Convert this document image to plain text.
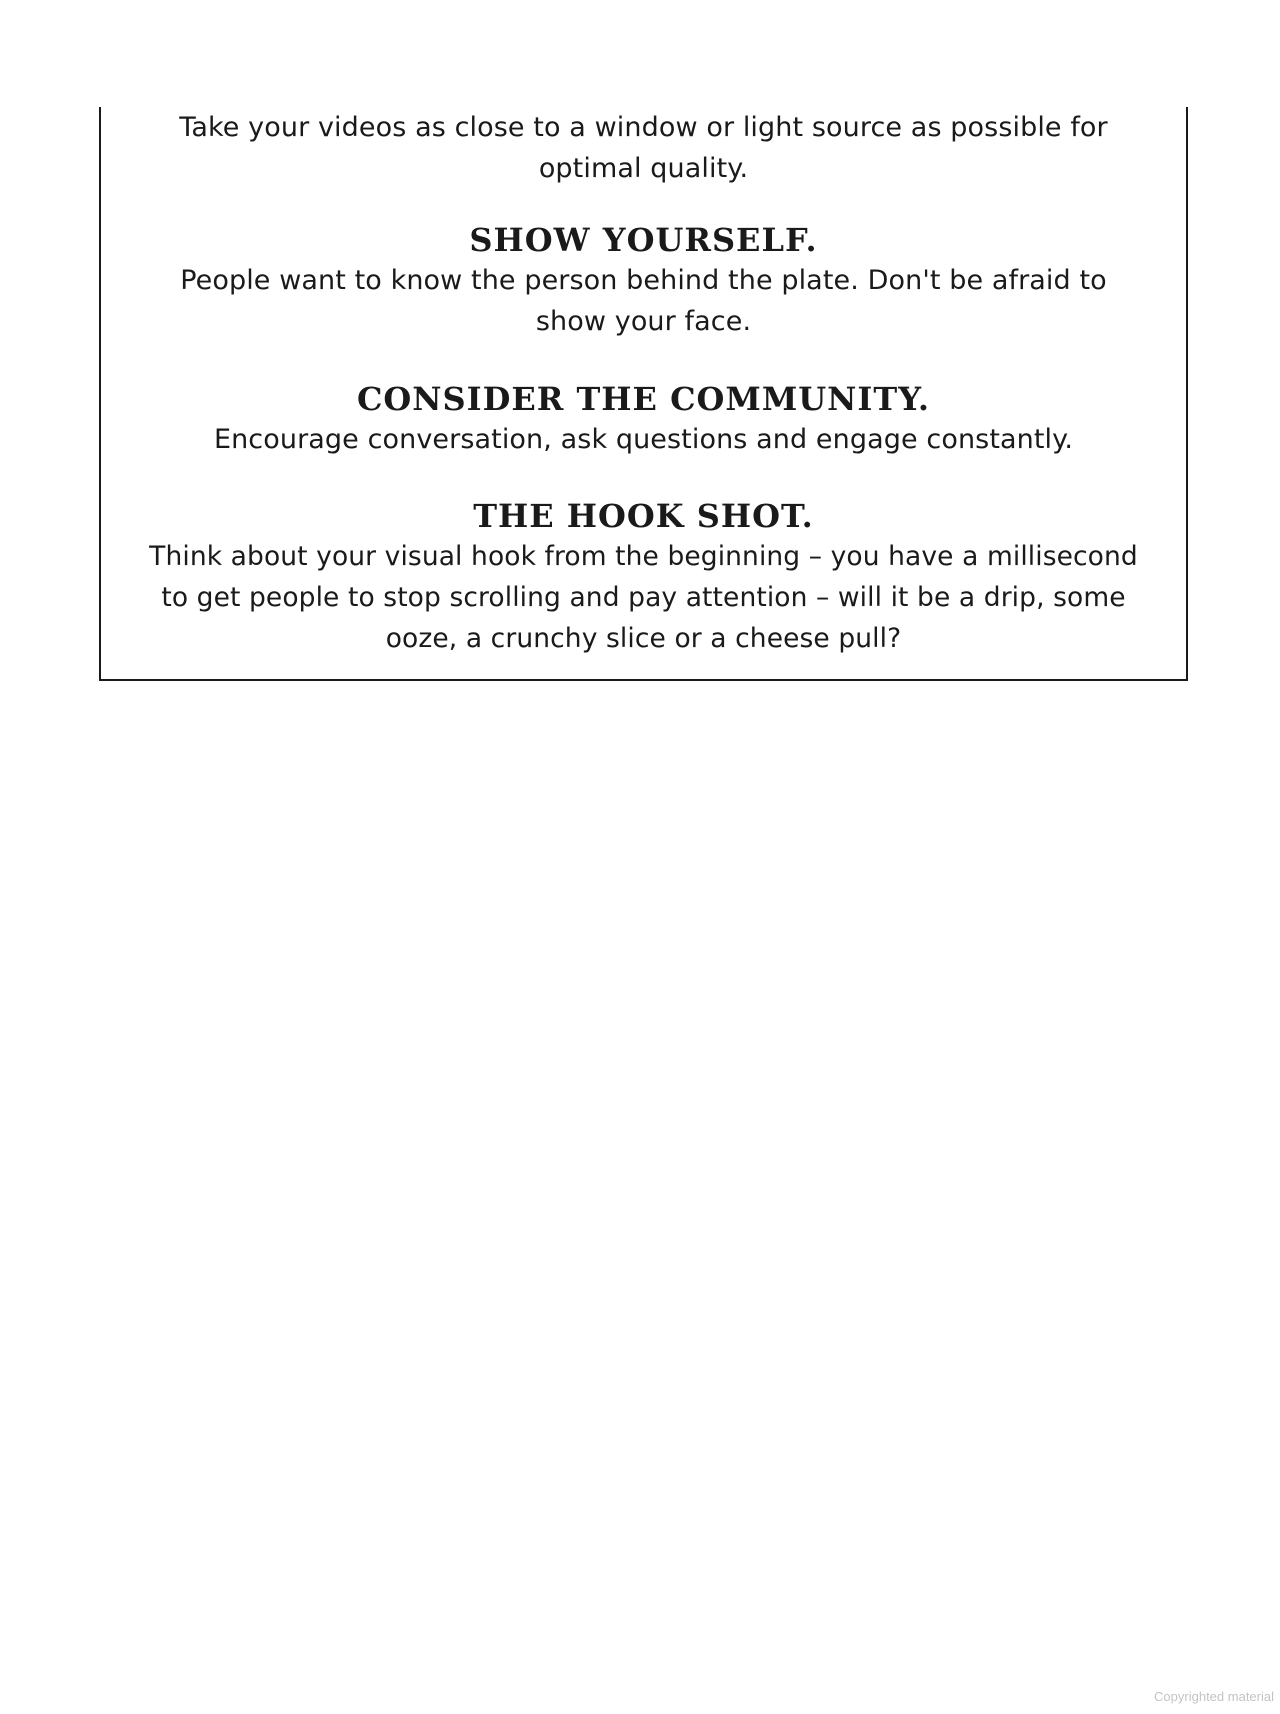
Take your videos as close to a window or light source as possible for optimal quality.

SHOW YOURSELF.

People want to know the person behind the plate. Don't be afraid to show your face.

CONSIDER THE COMMUNITY.

Encourage conversation, ask questions and engage constantly.

THE HOOK SHOT.

Think about your visual hook from the beginning – you have a millisecond to get people to stop scrolling and pay attention – will it be a drip, some ooze, a crunchy slice or a cheese pull?

Copyrighted material
